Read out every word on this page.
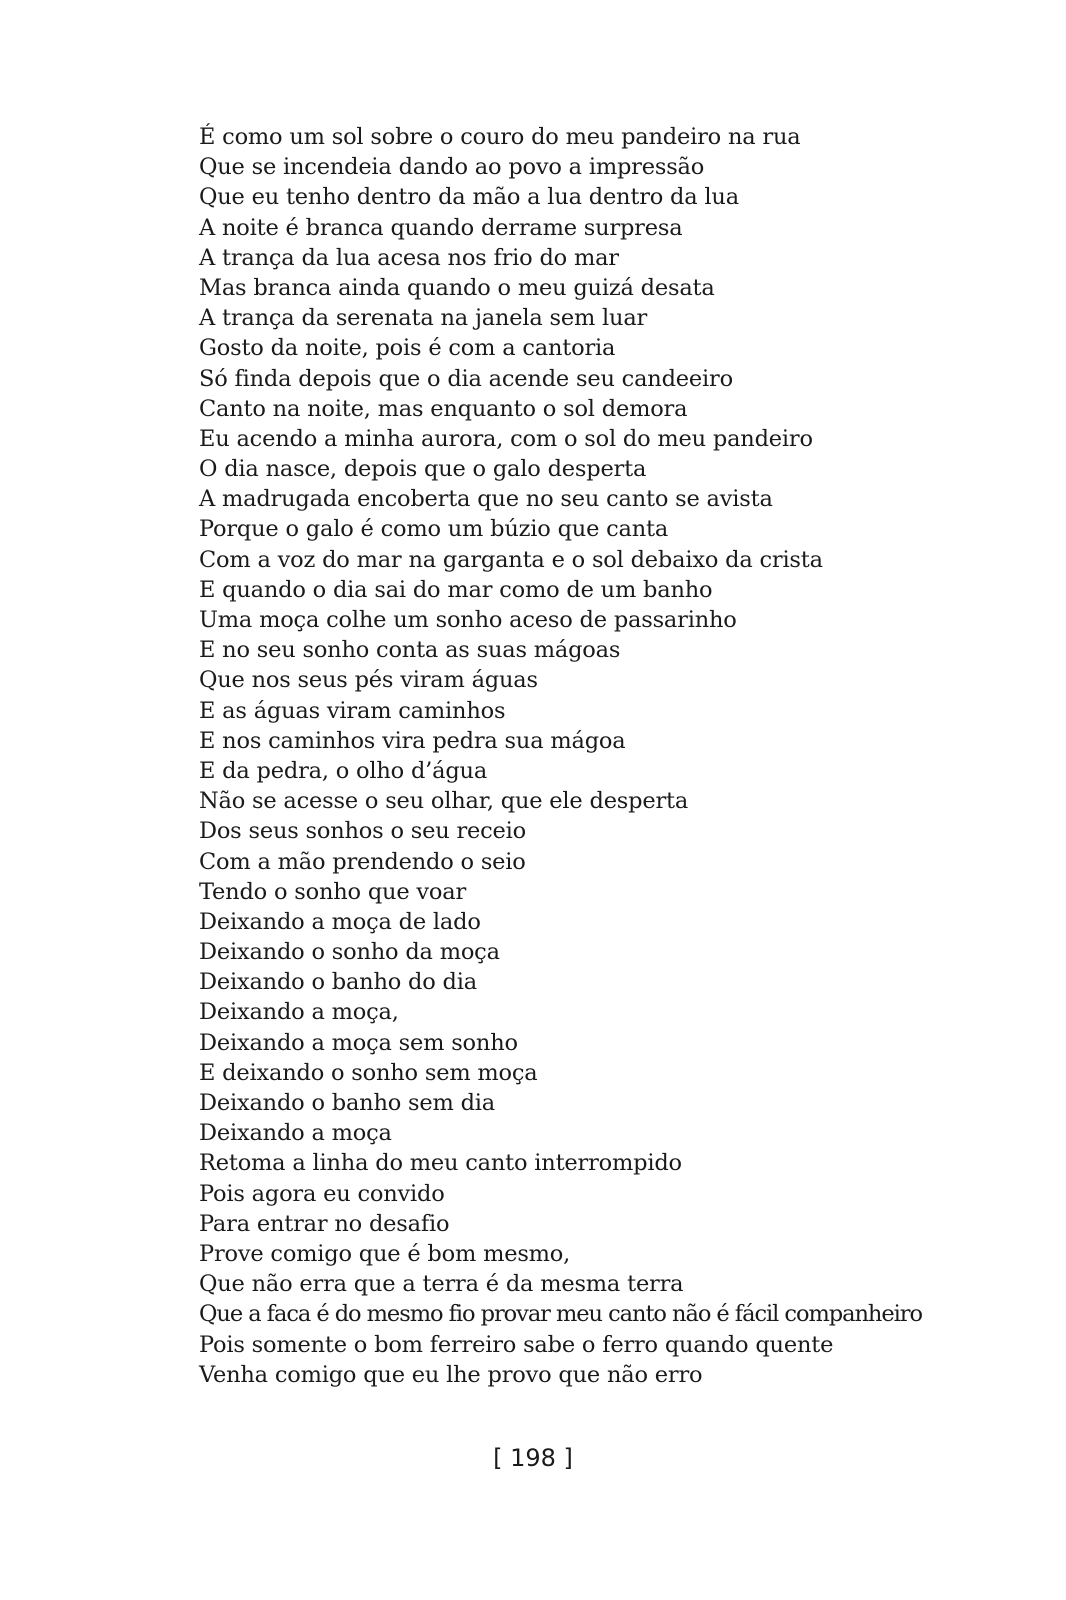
É como um sol sobre o couro do meu pandeiro na rua
Que se incendeia dando ao povo a impressão
Que eu tenho dentro da mão a lua dentro da lua
A noite é branca quando derrame surpresa
A trança da lua acesa nos frio do mar
Mas branca ainda quando o meu guizá desata
A trança da serenata na janela sem luar
Gosto da noite, pois é com a cantoria
Só finda depois que o dia acende seu candeeiro
Canto na noite, mas enquanto o sol demora
Eu acendo a minha aurora, com o sol do meu pandeiro
O dia nasce, depois que o galo desperta
A madrugada encoberta que no seu canto se avista
Porque o galo é como um búzio que canta
Com a voz do mar na garganta e o sol debaixo da crista
E quando o dia sai do mar como de um banho
Uma moça colhe um sonho aceso de passarinho
E no seu sonho conta as suas mágoas
Que nos seus pés viram águas
E as águas viram caminhos
E nos caminhos vira pedra sua mágoa
E da pedra, o olho d’água
Não se acesse o seu olhar, que ele desperta
Dos seus sonhos o seu receio
Com a mão prendendo o seio
Tendo o sonho que voar
Deixando a moça de lado
Deixando o sonho da moça
Deixando o banho do dia
Deixando a moça,
Deixando a moça sem sonho
E deixando o sonho sem moça
Deixando o banho sem dia
Deixando a moça
Retoma a linha do meu canto interrompido
Pois agora eu convido
Para entrar no desafio
Prove comigo que é bom mesmo,
Que não erra que a terra é da mesma terra
Que a faca é do mesmo fio provar meu canto não é fácil companheiro
Pois somente o bom ferreiro sabe o ferro quando quente
Venha comigo que eu lhe provo que não erro
[ 198 ]
